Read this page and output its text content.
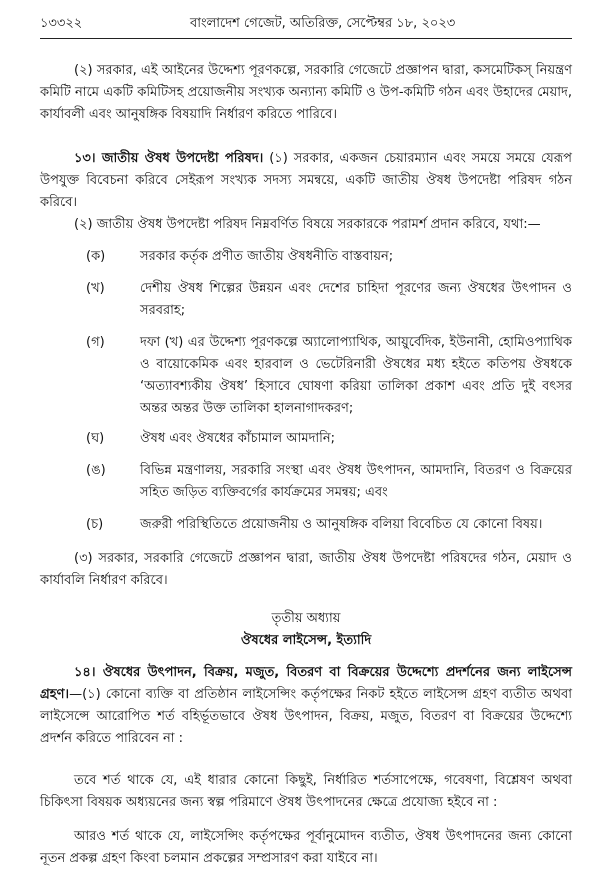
১৩৩২২	বাংলাদেশ গেজেট, অতিরিক্ত, সেপ্টেম্বর ১৮, ২০২৩
(২) সরকার, এই আইনের উদ্দেশ্য পূরণকল্পে, সরকারি গেজেটে প্রজ্ঞাপন দ্বারা, কসমেটিকস্ নিয়ন্ত্রণ কমিটি নামে একটি কমিটিসহ প্রয়োজনীয় সংখ্যক অন্যান্য কমিটি ও উপ-কমিটি গঠন এবং উহাদের মেয়াদ, কার্যাবলী এবং আনুষঙ্গিক বিষয়াদি নির্ধারণ করিতে পারিবে।
১৩। জাতীয় ঔষধ উপদেষ্টা পরিষদ। (১) সরকার, একজন চেয়ারম্যান এবং সময়ে সময়ে যেরূপ উপযুক্ত বিবেচনা করিবে সেইরূপ সংখ্যক সদস্য সমন্বয়ে, একটি জাতীয় ঔষধ উপদেষ্টা পরিষদ গঠন করিবে।
(২) জাতীয় ঔষধ উপদেষ্টা পরিষদ নিম্নবর্ণিত বিষয়ে সরকারকে পরামর্শ প্রদান করিবে, যথা:—
(ক)	সরকার কর্তৃক প্রণীত জাতীয় ঔষধনীতি বাস্তবায়ন;
(খ)	দেশীয় ঔষধ শিল্পের উন্নয়ন এবং দেশের চাহিদা পূরণের জন্য ঔষধের উৎপাদন ও সরবরাহ;
(গ)	দফা (খ) এর উদ্দেশ্য পূরণকল্পে অ্যালোপ্যাথিক, আয়ুর্বেদিক, ইউনানী, হোমিওপ্যাথিক ও বায়োকেমিক এবং হারবাল ও ভেটেরিনারী ঔষধের মধ্য হইতে কতিপয় ঔষধকে ‘অত্যাবশ্যকীয় ঔষধ’ হিসাবে ঘোষণা করিয়া তালিকা প্রকাশ এবং প্রতি দুই বৎসর অন্তর অন্তর উক্ত তালিকা হালনাগাদকরণ;
(ঘ)	ঔষধ এবং ঔষধের কাঁচামাল আমদানি;
(ঙ)	বিভিন্ন মন্ত্রণালয়, সরকারি সংস্থা এবং ঔষধ উৎপাদন, আমদানি, বিতরণ ও বিক্রয়ের সহিত জড়িত ব্যক্তিবর্গের কার্যক্রমের সমন্বয়; এবং
(চ)	জরুরী পরিস্থিতিতে প্রয়োজনীয় ও আনুষঙ্গিক বলিয়া বিবেচিত যে কোনো বিষয়।
(৩) সরকার, সরকারি গেজেটে প্রজ্ঞাপন দ্বারা, জাতীয় ঔষধ উপদেষ্টা পরিষদের গঠন, মেয়াদ ও কার্যাবলি নির্ধারণ করিবে।
তৃতীয় অধ্যায়
ঔষধের লাইসেন্স, ইত্যাদি
১৪। ঔষধের উৎপাদন, বিক্রয়, মজুত, বিতরণ বা বিক্রয়ের উদ্দেশ্যে প্রদর্শনের জন্য লাইসেন্স গ্রহণ।—(১) কোনো ব্যক্তি বা প্রতিষ্ঠান লাইসেন্সিং কর্তৃপক্ষের নিকট হইতে লাইসেন্স গ্রহণ ব্যতীত অথবা লাইসেন্সে আরোপিত শর্ত বহির্ভূতভাবে ঔষধ উৎপাদন, বিক্রয়, মজুত, বিতরণ বা বিক্রয়ের উদ্দেশ্যে প্রদর্শন করিতে পারিবেন না :
তবে শর্ত থাকে যে, এই ধারার কোনো কিছুই, নির্ধারিত শর্তসাপেক্ষে, গবেষণা, বিশ্লেষণ অথবা চিকিৎসা বিষয়ক অধ্যয়নের জন্য স্বল্প পরিমাণে ঔষধ উৎপাদনের ক্ষেত্রে প্রযোজ্য হইবে না :
আরও শর্ত থাকে যে, লাইসেন্সিং কর্তৃপক্ষের পূর্বানুমোদন ব্যতীত, ঔষধ উৎপাদনের জন্য কোনো নূতন প্রকল্প গ্রহণ কিংবা চলমান প্রকল্পের সম্প্রসারণ করা যাইবে না।
